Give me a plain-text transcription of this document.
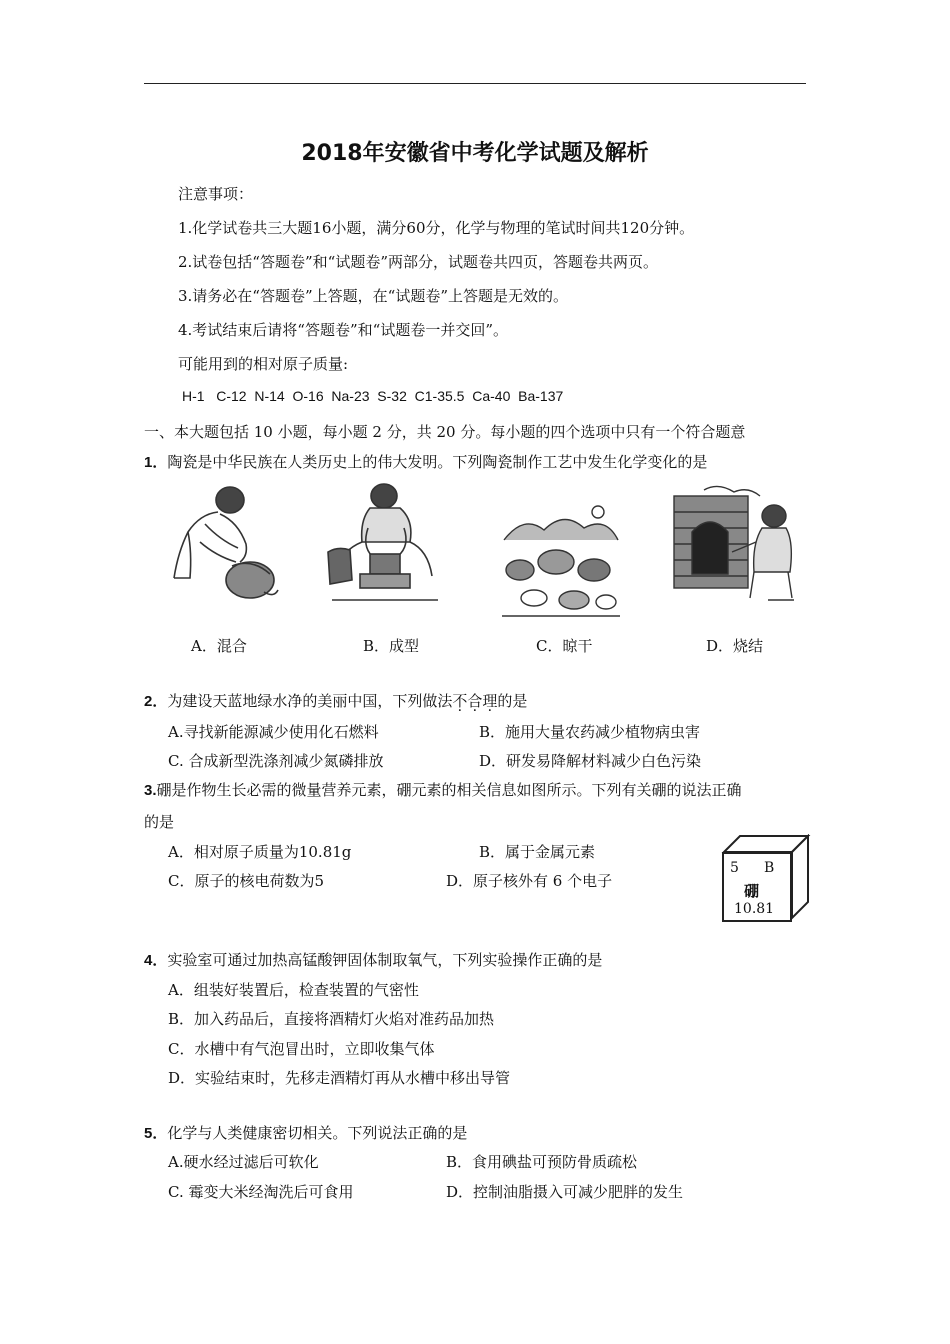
2018年安徽省中考化学试题及解析
注意事项：
1.化学试卷共三大题16小题，满分60分，化学与物理的笔试时间共120分钟。
2.试卷包括“答题卷”和“试题卷”两部分，试题卷共四页，答题卷共两页。
3.请务必在“答题卷”上答题，在“试题卷”上答题是无效的。
4.考试结束后请将“答题卷”和“试题卷一并交回”。
可能用到的相对原子质量:
H-1   C-12  N-14  O-16  Na-23  S-32  C1-35.5  Ca-40  Ba-137
一、本大题包括 10 小题，每小题 2 分，共 20 分。每小题的四个选项中只有一个符合题意
1．陶瓷是中华民族在人类历史上的伟大发明。下列陶瓷制作工艺中发生化学变化的是
A．混合	B．成型	C．晾干	D．烧结
2．为建设天蓝地绿水净的美丽中国，下列做法不合理的是
A.寻找新能源减少使用化石燃料	B．施用大量农药减少植物病虫害
C. 合成新型洗涤剂减少氮磷排放	D．研发易降解材料减少白色污染
3.硼是作物生长必需的微量营养元素，硼元素的相关信息如图所示。下列有关硼的说法正确
的是
A．相对原子质量为10.81g	B．属于金属元素
C．原子的核电荷数为5	D．原子核外有 6 个电子
5 B
硼
10.81
4．实验室可通过加热高锰酸钾固体制取氧气，下列实验操作正确的是
A．组装好装置后，检查装置的气密性
B．加入药品后，直接将酒精灯火焰对准药品加热
C．水槽中有气泡冒出时，立即收集气体
D．实验结束时，先移走酒精灯再从水槽中移出导管
5．化学与人类健康密切相关。下列说法正确的是
A.硬水经过滤后可软化	B．食用碘盐可预防骨质疏松
C. 霉变大米经淘洗后可食用	D．控制油脂摄入可减少肥胖的发生
